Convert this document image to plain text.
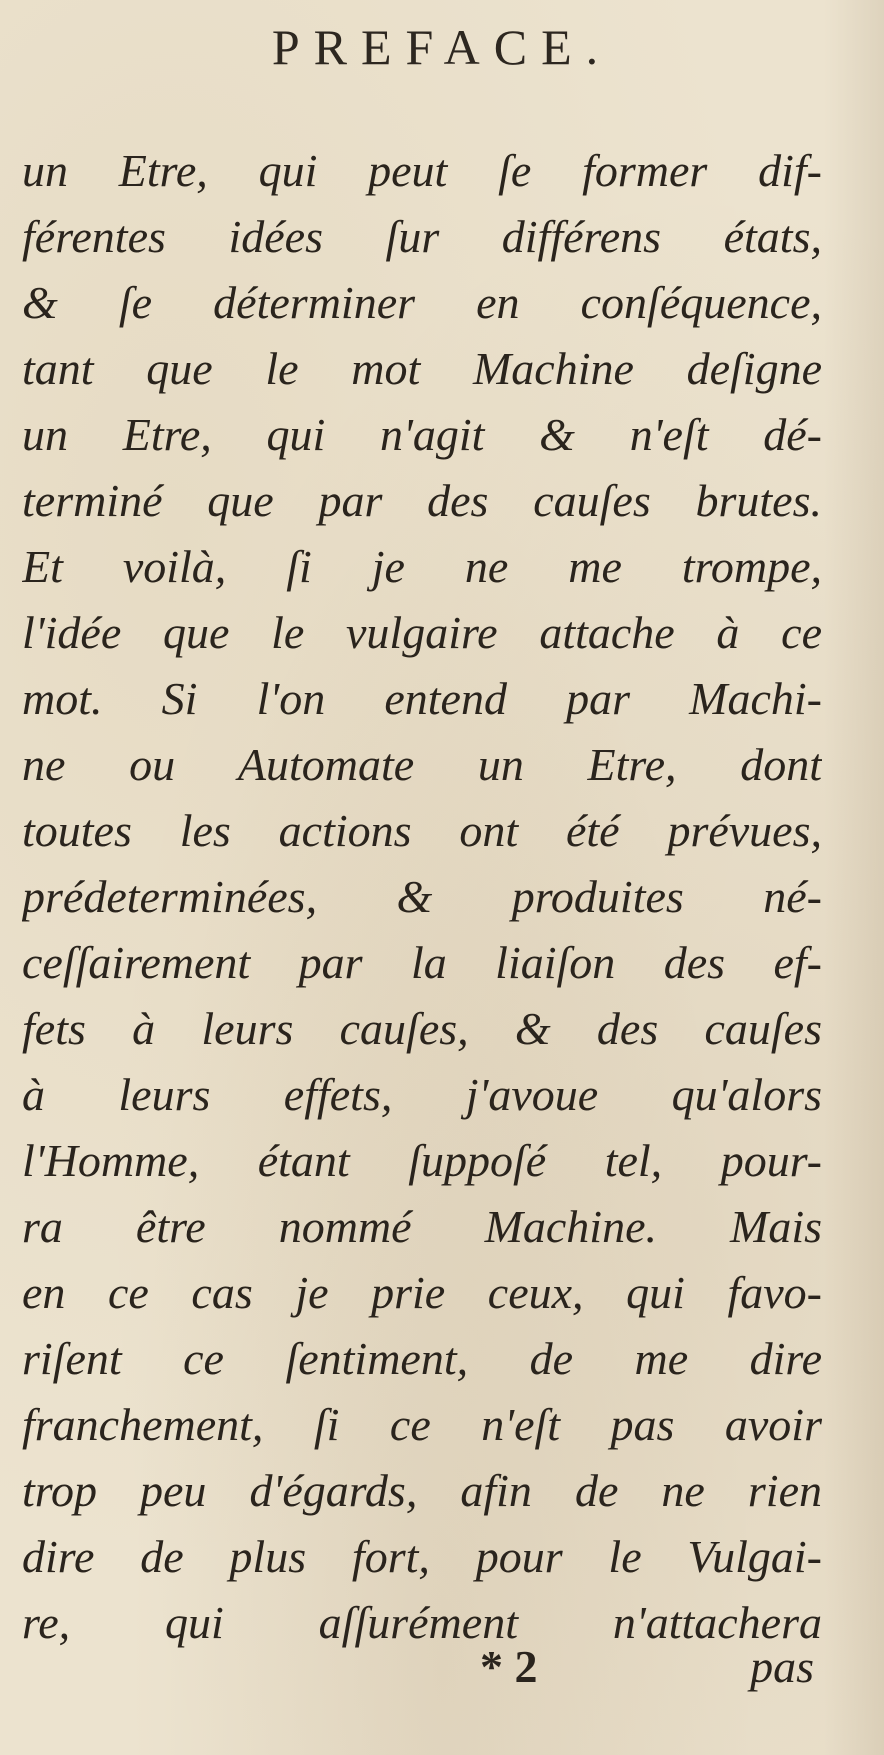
PREFACE.
un Etre, qui peut ſe former dif-
férentes idées ſur différens états,
& ſe déterminer en conſéquence,
tant que le mot Machine deſigne
un Etre, qui n'agit & n'eſt dé-
terminé que par des cauſes brutes.
Et voilà, ſi je ne me trompe,
l'idée que le vulgaire attache à ce
mot. Si l'on entend par Machi-
ne ou Automate un Etre, dont
toutes les actions ont été prévues,
prédeterminées, & produites né-
ceſſairement par la liaiſon des ef-
fets à leurs cauſes, & des cauſes
à leurs effets, j'avoue qu'alors
l'Homme, étant ſuppoſé tel, pour-
ra être nommé Machine. Mais
en ce cas je prie ceux, qui favo-
riſent ce ſentiment, de me dire
franchement, ſi ce n'eſt pas avoir
trop peu d'égards, afin de ne rien
dire de plus fort, pour le Vulgai-
re, qui aſſurément n'attachera
* 2	pas
